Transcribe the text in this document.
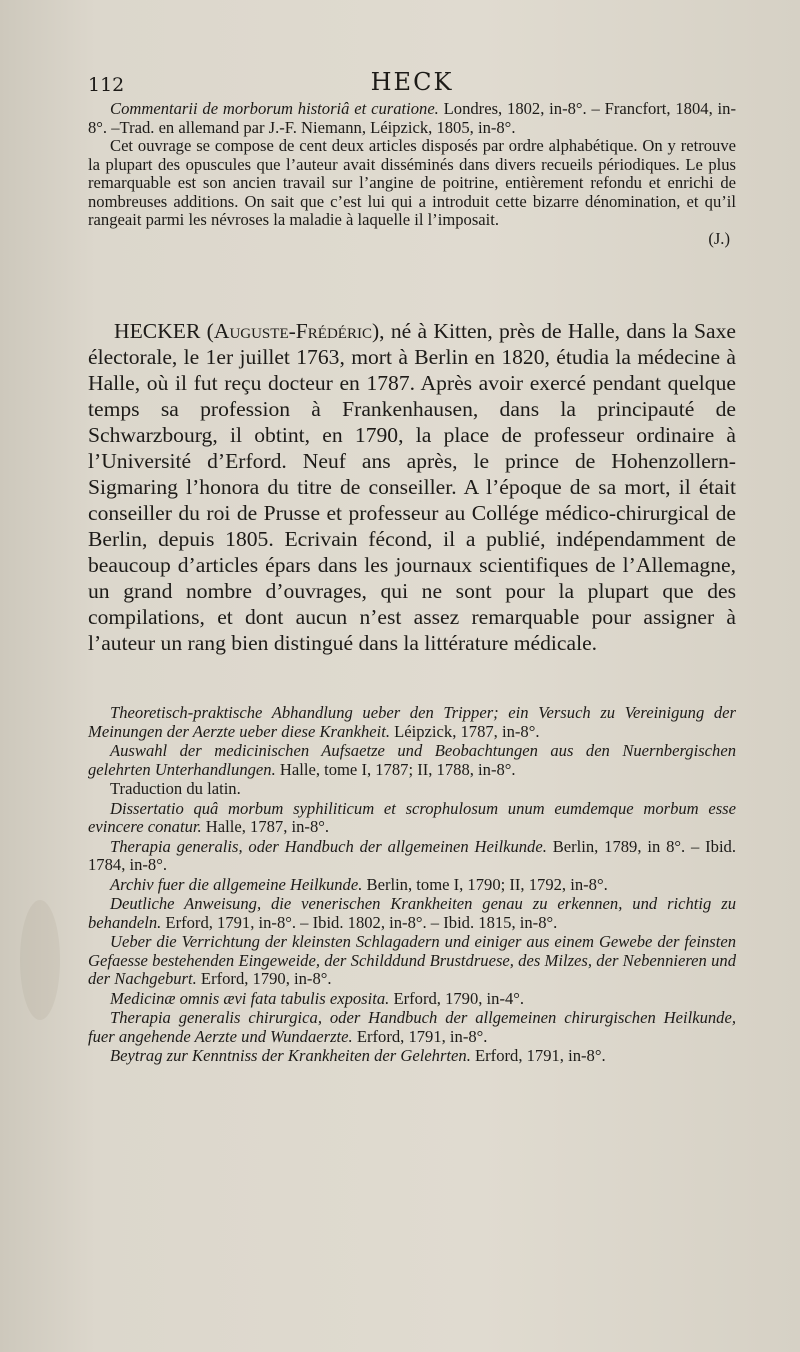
112	HECK

Commentarii de morborum historiâ et curatione. Londres, 1802, in-8°. – Francfort, 1804, in-8°. –Trad. en allemand par J.-F. Niemann, Léipzick, 1805, in-8°.

Cet ouvrage se compose de cent deux articles disposés par ordre alphabétique. On y retrouve la plupart des opuscules que l’auteur avait disséminés dans divers recueils périodiques. Le plus remarquable est son ancien travail sur l’angine de poitrine, entièrement refondu et enrichi de nombreuses additions. On sait que c’est lui qui a introduit cette bizarre dénomination, et qu’il rangeait parmi les névroses la maladie à laquelle il l’imposait.

(J.)

HECKER (Auguste-Frédéric), né à Kitten, près de Halle, dans la Saxe électorale, le 1er juillet 1763, mort à Berlin en 1820, étudia la médecine à Halle, où il fut reçu docteur en 1787. Après avoir exercé pendant quelque temps sa profession à Frankenhausen, dans la principauté de Schwarzbourg, il obtint, en 1790, la place de professeur ordinaire à l’Université d’Erford. Neuf ans après, le prince de Hohenzollern-Sigmaring l’honora du titre de conseiller. A l’époque de sa mort, il était conseiller du roi de Prusse et professeur au Collége médico-chirurgical de Berlin, depuis 1805. Ecrivain fécond, il a publié, indépendamment de beaucoup d’articles épars dans les journaux scientifiques de l’Allemagne, un grand nombre d’ouvrages, qui ne sont pour la plupart que des compilations, et dont aucun n’est assez remarquable pour assigner à l’auteur un rang bien distingué dans la littérature médicale.

Theoretisch-praktische Abhandlung ueber den Tripper; ein Versuch zu Vereinigung der Meinungen der Aerzte ueber diese Krankheit. Léipzick, 1787, in-8°.

Auswahl der medicinischen Aufsaetze und Beobachtungen aus den Nuernbergischen gelehrten Unterhandlungen. Halle, tome I, 1787; II, 1788, in-8°.

Traduction du latin.

Dissertatio quâ morbum syphiliticum et scrophulosum unum eumdemque morbum esse evincere conatur. Halle, 1787, in-8°.

Therapia generalis, oder Handbuch der allgemeinen Heilkunde. Berlin, 1789, in 8°. – Ibid. 1784, in-8°.

Archiv fuer die allgemeine Heilkunde. Berlin, tome I, 1790; II, 1792, in-8°.

Deutliche Anweisung, die venerischen Krankheiten genau zu erkennen, und richtig zu behandeln. Erford, 1791, in-8°. – Ibid. 1802, in-8°. – Ibid. 1815, in-8°.

Ueber die Verrichtung der kleinsten Schlagadern und einiger aus einem Gewebe der feinsten Gefaesse bestehenden Eingeweide, der Schilddund Brustdruese, des Milzes, der Nebennieren und der Nachgeburt. Erford, 1790, in-8°.

Medicinæ omnis ævi fata tabulis exposita. Erford, 1790, in-4°.

Therapia generalis chirurgica, oder Handbuch der allgemeinen chirurgischen Heilkunde, fuer angehende Aerzte und Wundaerzte. Erford, 1791, in-8°.

Beytrag zur Kenntniss der Krankheiten der Gelehrten. Erford, 1791, in-8°.
